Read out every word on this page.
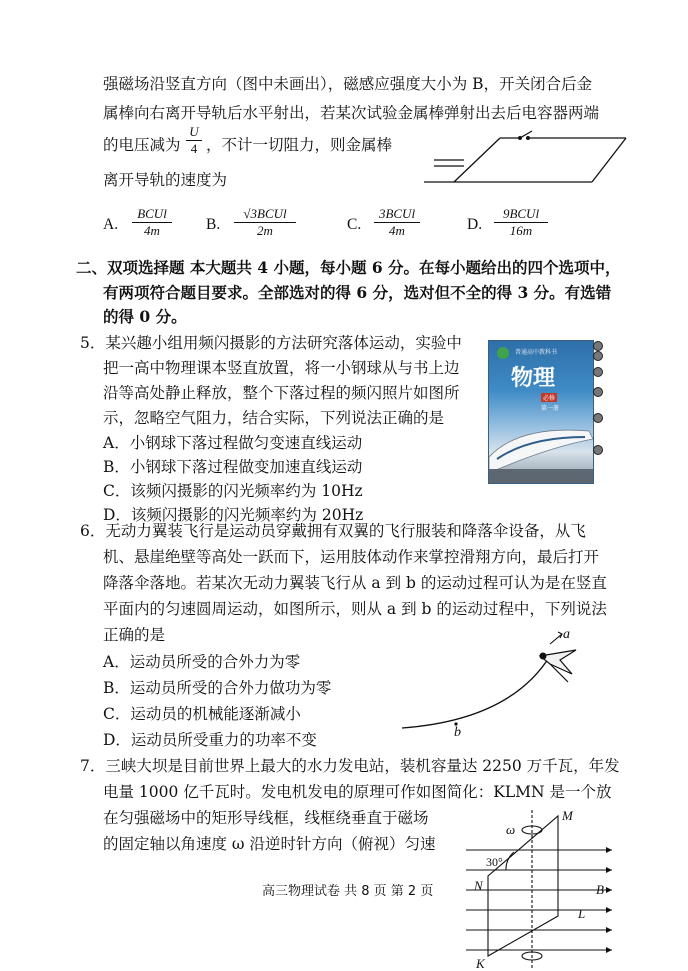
强磁场沿竖直方向（图中未画出），磁感应强度大小为 B，开关闭合后金
属棒向右离开导轨后水平射出，若某次试验金属棒弹射出去后电容器两端
的电压减为 $\frac{U}{4}$ ，不计一切阻力，则金属棒
离开导轨的速度为
A.
BCUl
4m	B.
√3BCUl
2m	C.
3BCUl
4m	D.
9BCUl
16m
二、双项选择题 本大题共 4 小题，每小题 6 分。在每小题给出的四个选项中，
有两项符合题目要求。全部选对的得 6 分，选对但不全的得 3 分。有选错
的得 0 分。
5．某兴趣小组用频闪摄影的方法研究落体运动，实验中
把一高中物理课本竖直放置，将一小钢球从与书上边
沿等高处静止释放，整个下落过程的频闪照片如图所
示，忽略空气阻力，结合实际，下列说法正确的是
A．小钢球下落过程做匀变速直线运动
B．小钢球下落过程做变加速直线运动
C．该频闪摄影的闪光频率约为 10Hz
D．该频闪摄影的闪光频率约为 20Hz
普通高中教科书
物理
必修
第一册
6．无动力翼装飞行是运动员穿戴拥有双翼的飞行服装和降落伞设备，从飞
机、悬崖绝壁等高处一跃而下，运用肢体动作来掌控滑翔方向，最后打开
降落伞落地。若某次无动力翼装飞行从 a 到 b 的运动过程可认为是在竖直
平面内的匀速圆周运动，如图所示，则从 a 到 b 的运动过程中，下列说法
正确的是
A．运动员所受的合外力为零
B．运动员所受的合外力做功为零
C．运动员的机械能逐渐减小
D．运动员所受重力的功率不变	b
a
7．三峡大坝是目前世界上最大的水力发电站，装机容量达 2250 万千瓦，年发
电量 1000 亿千瓦时。发电机发电的原理可作如图简化：KLMN 是一个放
在匀强磁场中的矩形导线框，线框绕垂直于磁场
的固定轴以角速度 ω 沿逆时针方向（俯视）匀速
ω
30°
M
N	B
L
K
高三物理试卷 共 8 页 第 2 页
